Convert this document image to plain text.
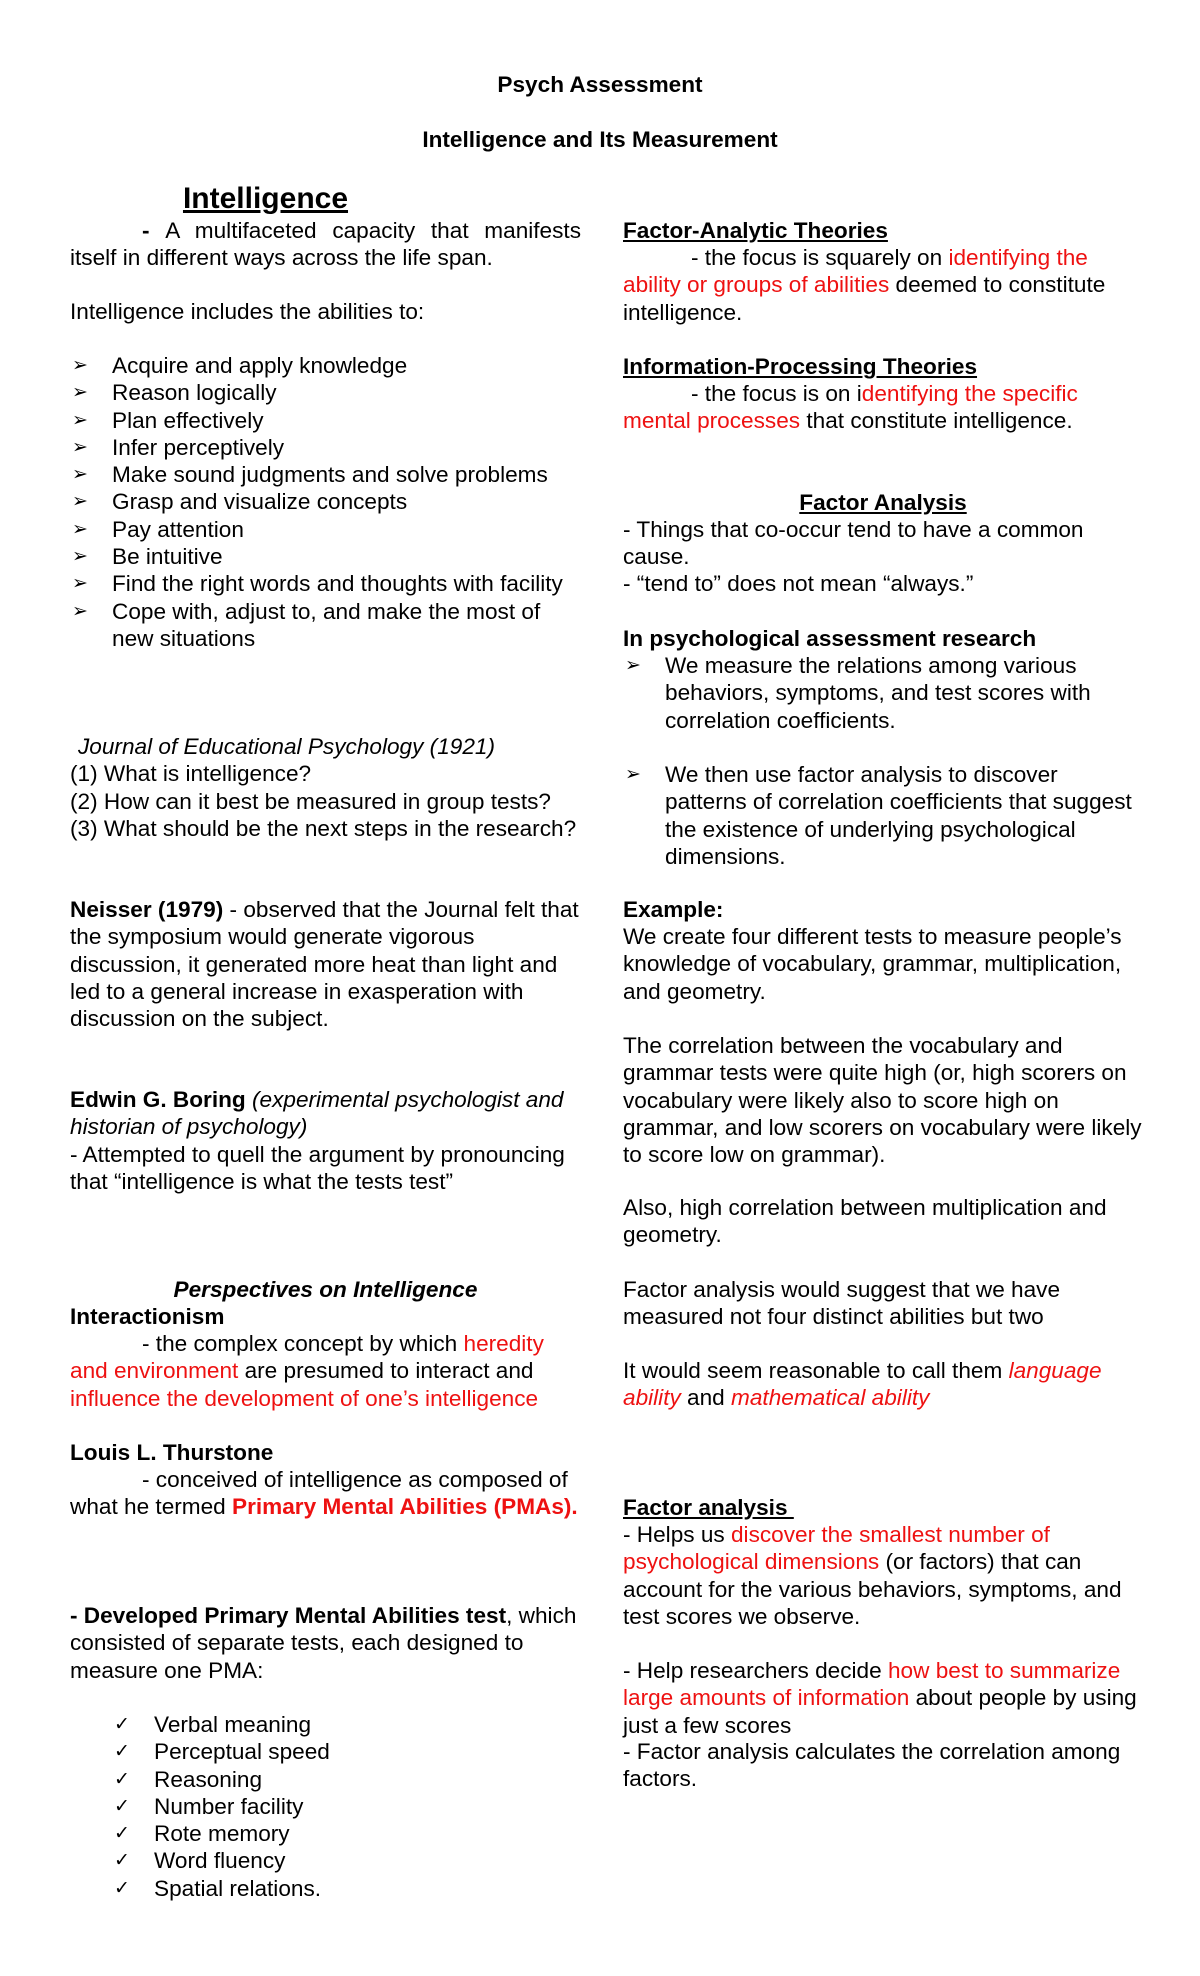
Psych Assessment
Intelligence and Its Measurement
Intelligence
- A multifaceted capacity that manifests itself in different ways across the life span.
Intelligence includes the abilities to:
➢ Acquire and apply knowledge
➢ Reason logically
➢ Plan effectively
➢ Infer perceptively
➢ Make sound judgments and solve problems
➢ Grasp and visualize concepts
➢ Pay attention
➢ Be intuitive
➢ Find the right words and thoughts with facility
➢ Cope with, adjust to, and make the most of new situations

Journal of Educational Psychology (1921)

(1) What is intelligence?

(2) How can it best be measured in group tests?

(3) What should be the next steps in the research?

Neisser (1979) - observed that the Journal felt that the symposium would generate vigorous discussion, it generated more heat than light and led to a general increase in exasperation with discussion on the subject.

Edwin G. Boring (experimental psychologist and historian of psychology)

- Attempted to quell the argument by pronouncing that “intelligence is what the tests test”

Perspectives on Intelligence

Interactionism

- the complex concept by which heredity and environment are presumed to interact and influence the development of one’s intelligence

Louis L. Thurstone

- conceived of intelligence as composed of what he termed Primary Mental Abilities (PMAs).

- Developed Primary Mental Abilities test, which consisted of separate tests, each designed to measure one PMA:

✓ Verbal meaning
✓ Perceptual speed
✓ Reasoning
✓ Number facility
✓ Rote memory
✓ Word fluency
✓ Spatial relations.

Factor-Analytic Theories

- the focus is squarely on identifying the ability or groups of abilities deemed to constitute intelligence.

Information-Processing Theories

- the focus is on identifying the specific mental processes that constitute intelligence.

Factor Analysis

- Things that co-occur tend to have a common cause.

- “tend to” does not mean “always.”

In psychological assessment research

➢ We measure the relations among various behaviors, symptoms, and test scores with correlation coefficients.
➢ We then use factor analysis to discover patterns of correlation coefficients that suggest the existence of underlying psychological dimensions.

Example:

We create four different tests to measure people’s knowledge of vocabulary, grammar, multiplication, and geometry.

The correlation between the vocabulary and grammar tests were quite high (or, high scorers on vocabulary were likely also to score high on grammar, and low scorers on vocabulary were likely to score low on grammar).

Also, high correlation between multiplication and geometry.

Factor analysis would suggest that we have measured not four distinct abilities but two

It would seem reasonable to call them language ability and mathematical ability

Factor analysis

- Helps us discover the smallest number of psychological dimensions (or factors) that can account for the various behaviors, symptoms, and test scores we observe.

- Help researchers decide how best to summarize large amounts of information about people by using just a few scores

- Factor analysis calculates the correlation among factors.
